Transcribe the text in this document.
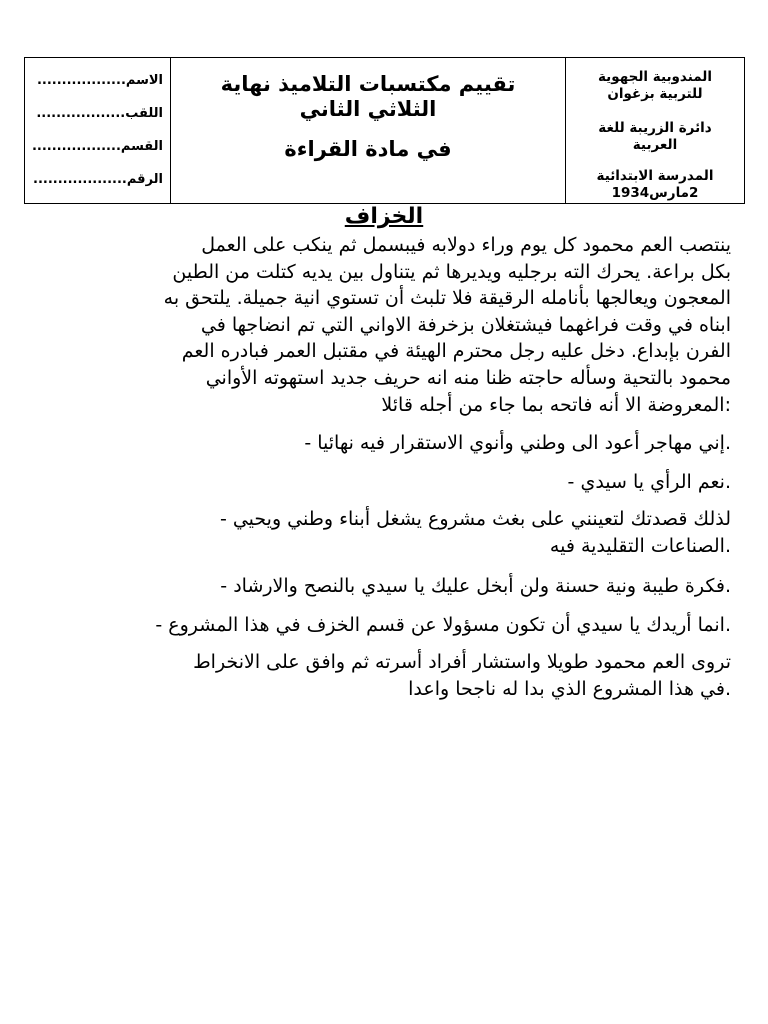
الاسم..................
اللقب..................
القسم..................
الرقم...................
تقييم مكتسبات التلاميذ نهاية
الثلاثي الثاني
في مادة القراءة
المندوبية الجهوية
للتربية بزغوان
دائرة الزريبة للغة
العربية
المدرسة الابتدائية
2مارس1934
الخزاف
ينتصب العم محمود كل يوم وراء دولابه فيبسمل ثم ينكب على العمل
بكل براعة. يحرك الته برجليه ويديرها ثم يتناول بين يديه كتلت من الطين
المعجون ويعالجها بأنامله الرقيقة فلا تلبث أن تستوي انية جميلة. يلتحق به
ابناه في وقت فراغهما فيشتغلان بزخرفة الاواني التي تم انضاجها في
الفرن بإبداع. دخل عليه رجل محترم الهيئة في مقتبل العمر فبادره العم
محمود بالتحية وسأله حاجته ظنا منه انه حريف جديد استهوته الأواني
المعروضة الا أنه فاتحه بما جاء من أجله قائلا:
- إني مهاجر أعود الى وطني وأنوي الاستقرار فيه نهائيا.
- نعم الرأي يا سيدي.
- لذلك قصدتك لتعينني على بغث مشروع يشغل أبناء وطني ويحيي
الصناعات التقليدية فيه.
- فكرة طيبة ونية حسنة ولن أبخل عليك يا سيدي بالنصح والارشاد.
- انما أريدك يا سيدي أن تكون مسؤولا عن قسم الخزف في هذا المشروع.
تروى العم محمود طويلا واستشار أفراد أسرته ثم وافق على الانخراط
في هذا المشروع الذي بدا له ناجحا واعدا.
